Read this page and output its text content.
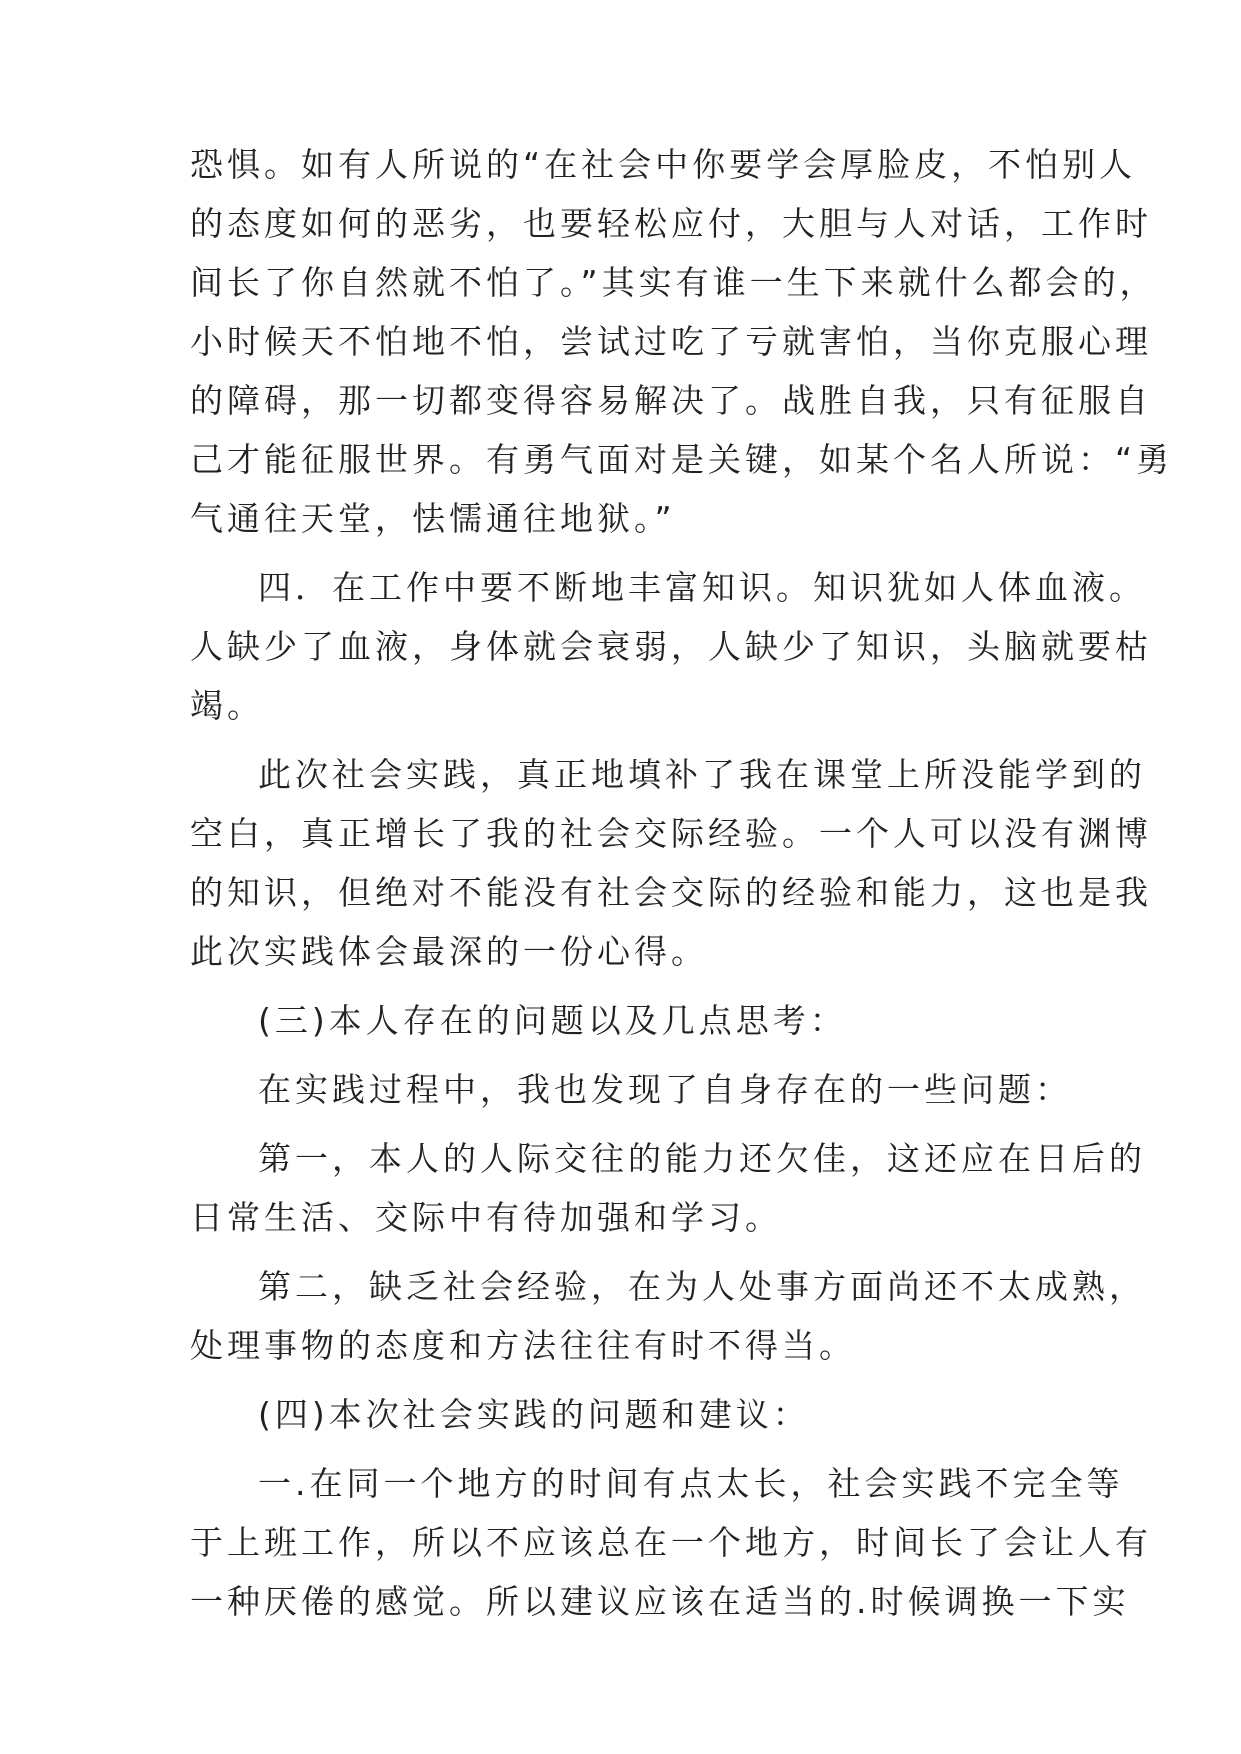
恐惧。如有人所说的“在社会中你要学会厚脸皮，不怕别人
的态度如何的恶劣，也要轻松应付，大胆与人对话，工作时
间长了你自然就不怕了。”其实有谁一生下来就什么都会的，
小时候天不怕地不怕，尝试过吃了亏就害怕，当你克服心理
的障碍，那一切都变得容易解决了。战胜自我，只有征服自
己才能征服世界。有勇气面对是关键，如某个名人所说：“勇
气通往天堂，怯懦通往地狱。”
四．在工作中要不断地丰富知识。知识犹如人体血液。
人缺少了血液，身体就会衰弱，人缺少了知识，头脑就要枯
竭。
此次社会实践，真正地填补了我在课堂上所没能学到的
空白，真正增长了我的社会交际经验。一个人可以没有渊博
的知识，但绝对不能没有社会交际的经验和能力，这也是我
此次实践体会最深的一份心得。
(三)本人存在的问题以及几点思考：
在实践过程中，我也发现了自身存在的一些问题：
第一，本人的人际交往的能力还欠佳，这还应在日后的
日常生活、交际中有待加强和学习。
第二，缺乏社会经验，在为人处事方面尚还不太成熟，
处理事物的态度和方法往往有时不得当。
(四)本次社会实践的问题和建议：
一.在同一个地方的时间有点太长，社会实践不完全等
于上班工作，所以不应该总在一个地方，时间长了会让人有
一种厌倦的感觉。所以建议应该在适当的.时候调换一下实
